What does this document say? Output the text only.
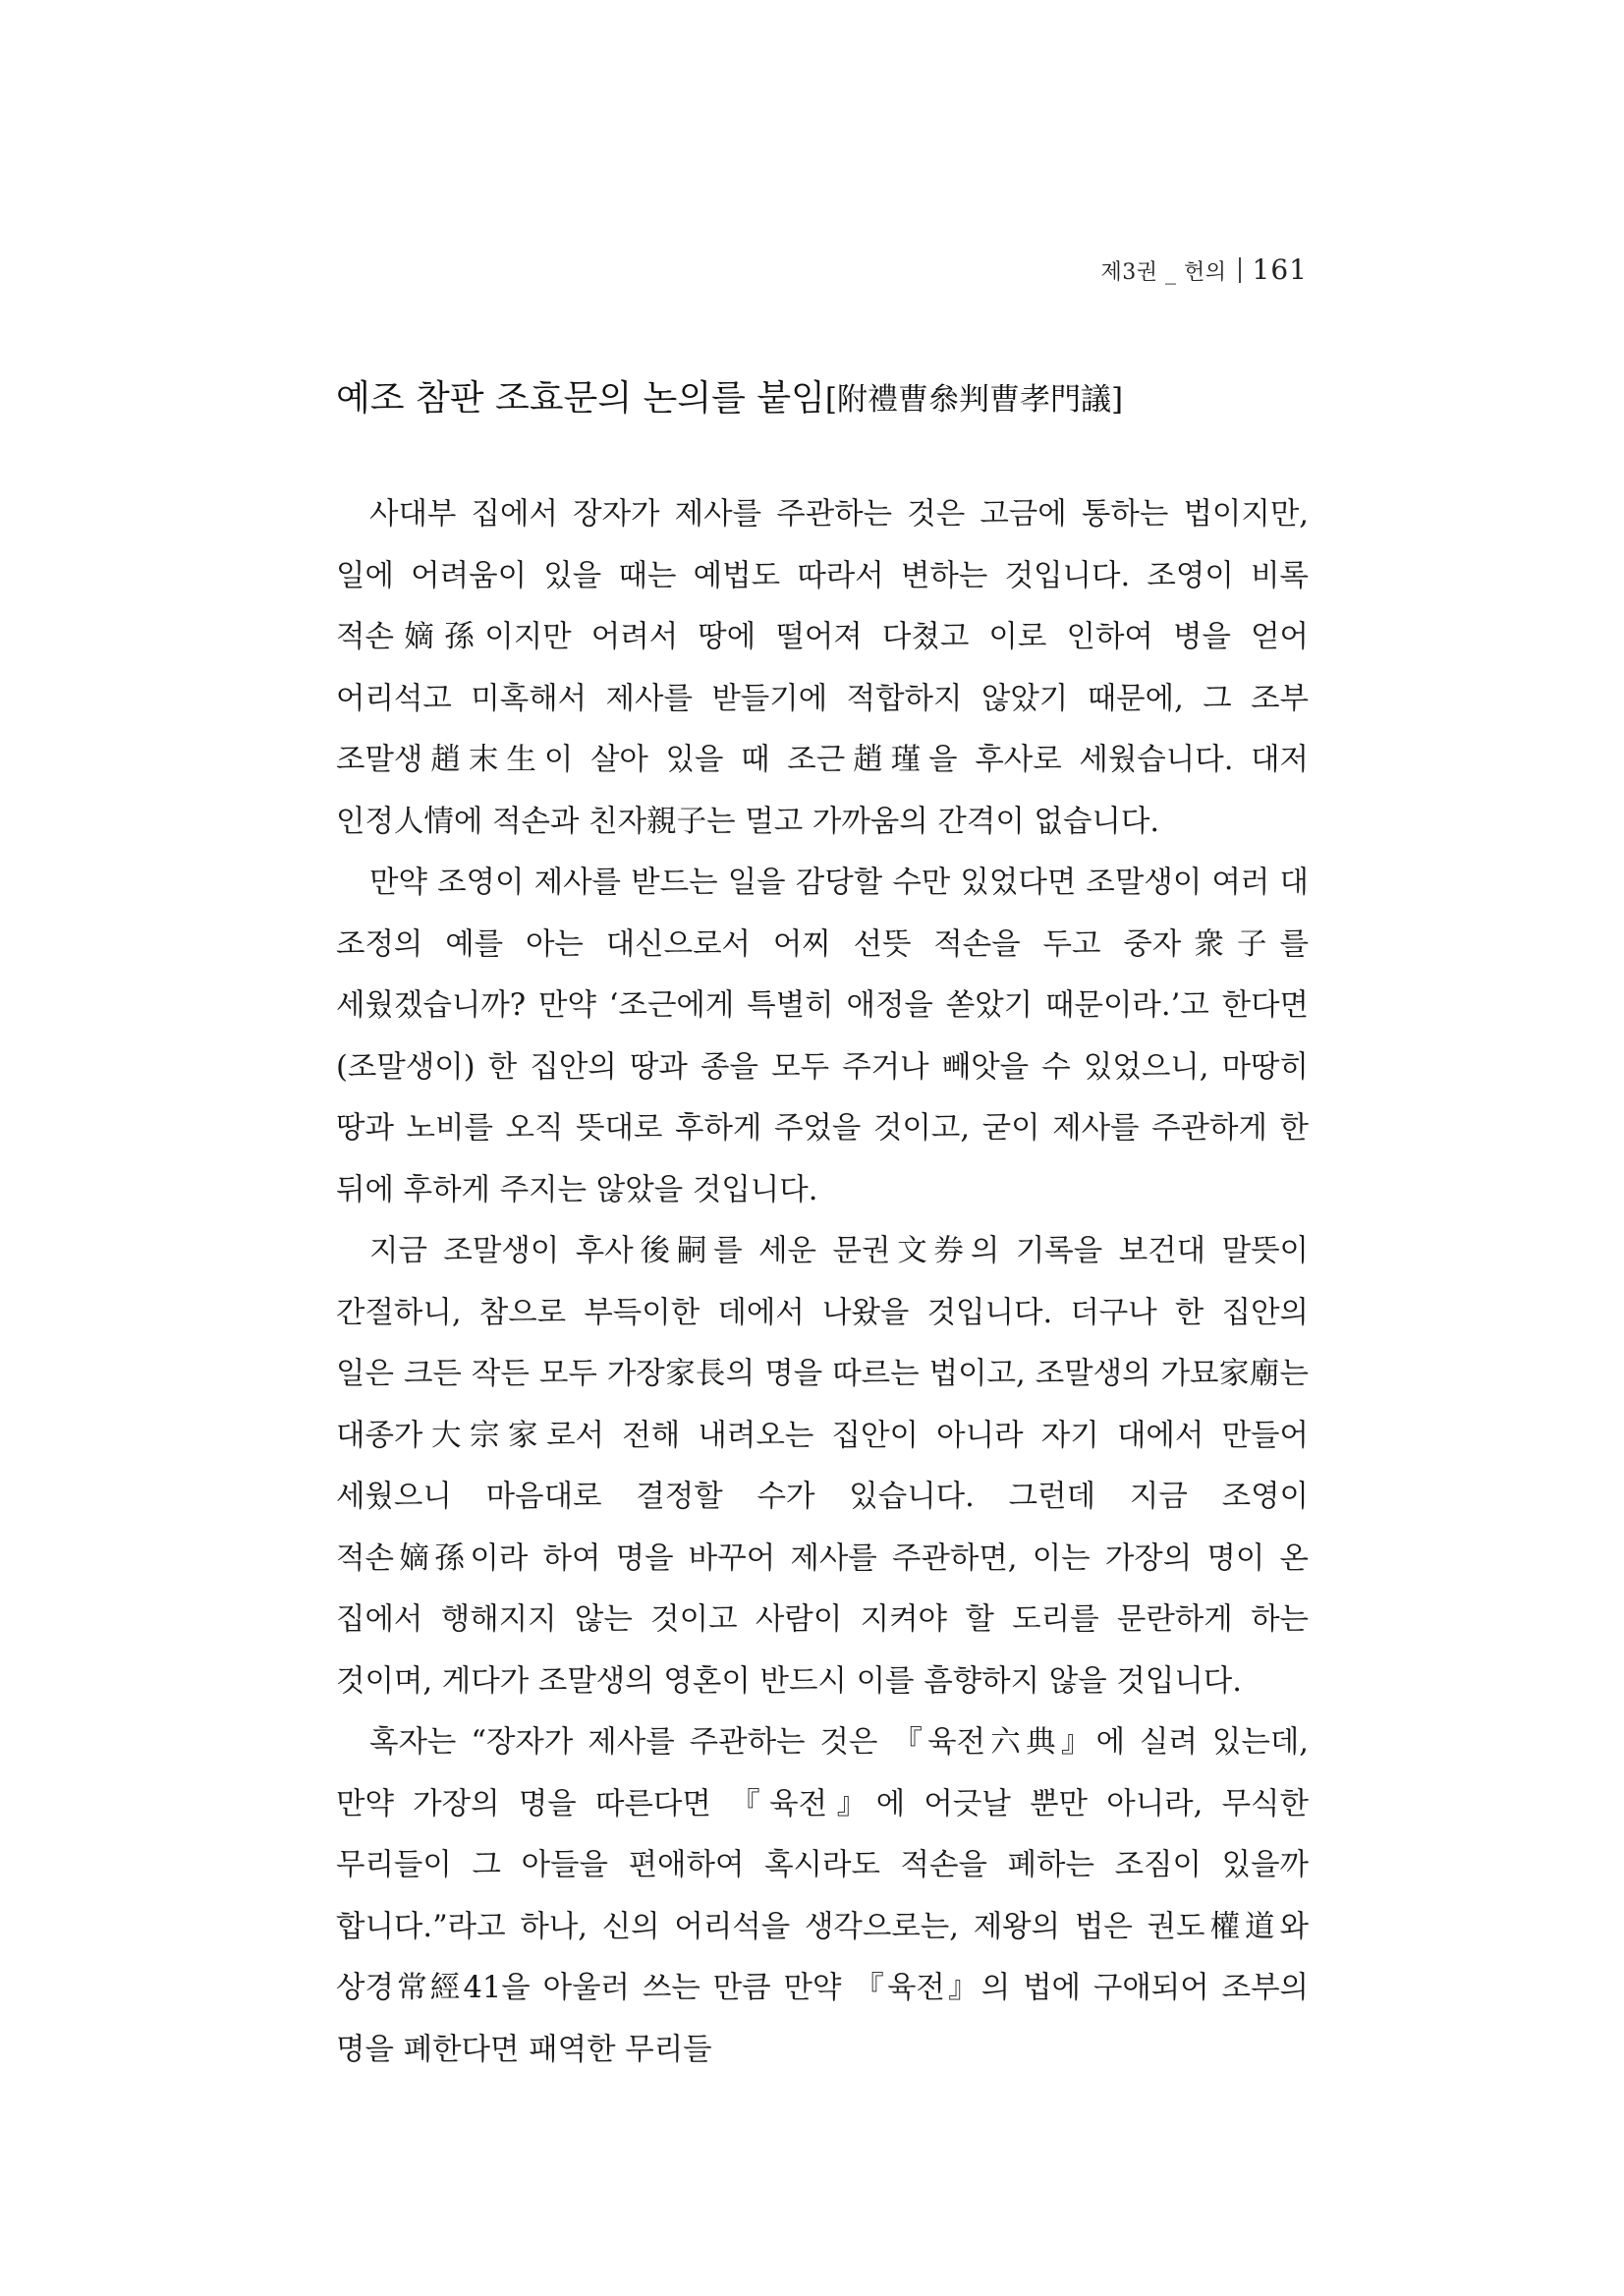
제3권 _ 헌의 161
예조 참판 조효문의 논의를 붙임[附禮曹叅判曹孝門議]

사대부 집에서 장자가 제사를 주관하는 것은 고금에 통하는 법이지만, 일에 어려움이 있을 때는 예법도 따라서 변하는 것입니다. 조영이 비록 적손嫡孫이지만 어려서 땅에 떨어져 다쳤고 이로 인하여 병을 얻어 어리석고 미혹해서 제사를 받들기에 적합하지 않았기 때문에, 그 조부 조말생趙末生이 살아 있을 때 조근趙瑾을 후사로 세웠습니다. 대저 인정人情에 적손과 친자親子는 멀고 가까움의 간격이 없습니다.

만약 조영이 제사를 받드는 일을 감당할 수만 있었다면 조말생이 여러 대 조정의 예를 아는 대신으로서 어찌 선뜻 적손을 두고 중자衆子를 세웠겠습니까? 만약 ‘조근에게 특별히 애정을 쏟았기 때문이라.’고 한다면 (조말생이) 한 집안의 땅과 종을 모두 주거나 빼앗을 수 있었으니, 마땅히 땅과 노비를 오직 뜻대로 후하게 주었을 것이고, 굳이 제사를 주관하게 한 뒤에 후하게 주지는 않았을 것입니다.

지금 조말생이 후사後嗣를 세운 문권文券의 기록을 보건대 말뜻이 간절하니, 참으로 부득이한 데에서 나왔을 것입니다. 더구나 한 집안의 일은 크든 작든 모두 가장家長의 명을 따르는 법이고, 조말생의 가묘家廟는 대종가大宗家로서 전해 내려오는 집안이 아니라 자기 대에서 만들어 세웠으니 마음대로 결정할 수가 있습니다. 그런데 지금 조영이 적손嫡孫이라 하여 명을 바꾸어 제사를 주관하면, 이는 가장의 명이 온 집에서 행해지지 않는 것이고 사람이 지켜야 할 도리를 문란하게 하는 것이며, 게다가 조말생의 영혼이 반드시 이를 흠향하지 않을 것입니다.

혹자는 “장자가 제사를 주관하는 것은 『육전六典』에 실려 있는데, 만약 가장의 명을 따른다면 『육전』에 어긋날 뿐만 아니라, 무식한 무리들이 그 아들을 편애하여 혹시라도 적손을 폐하는 조짐이 있을까 합니다.”라고 하나, 신의 어리석을 생각으로는, 제왕의 법은 권도權道와 상경常經41을 아울러 쓰는 만큼 만약 『육전』의 법에 구애되어 조부의 명을 폐한다면 패역한 무리들
